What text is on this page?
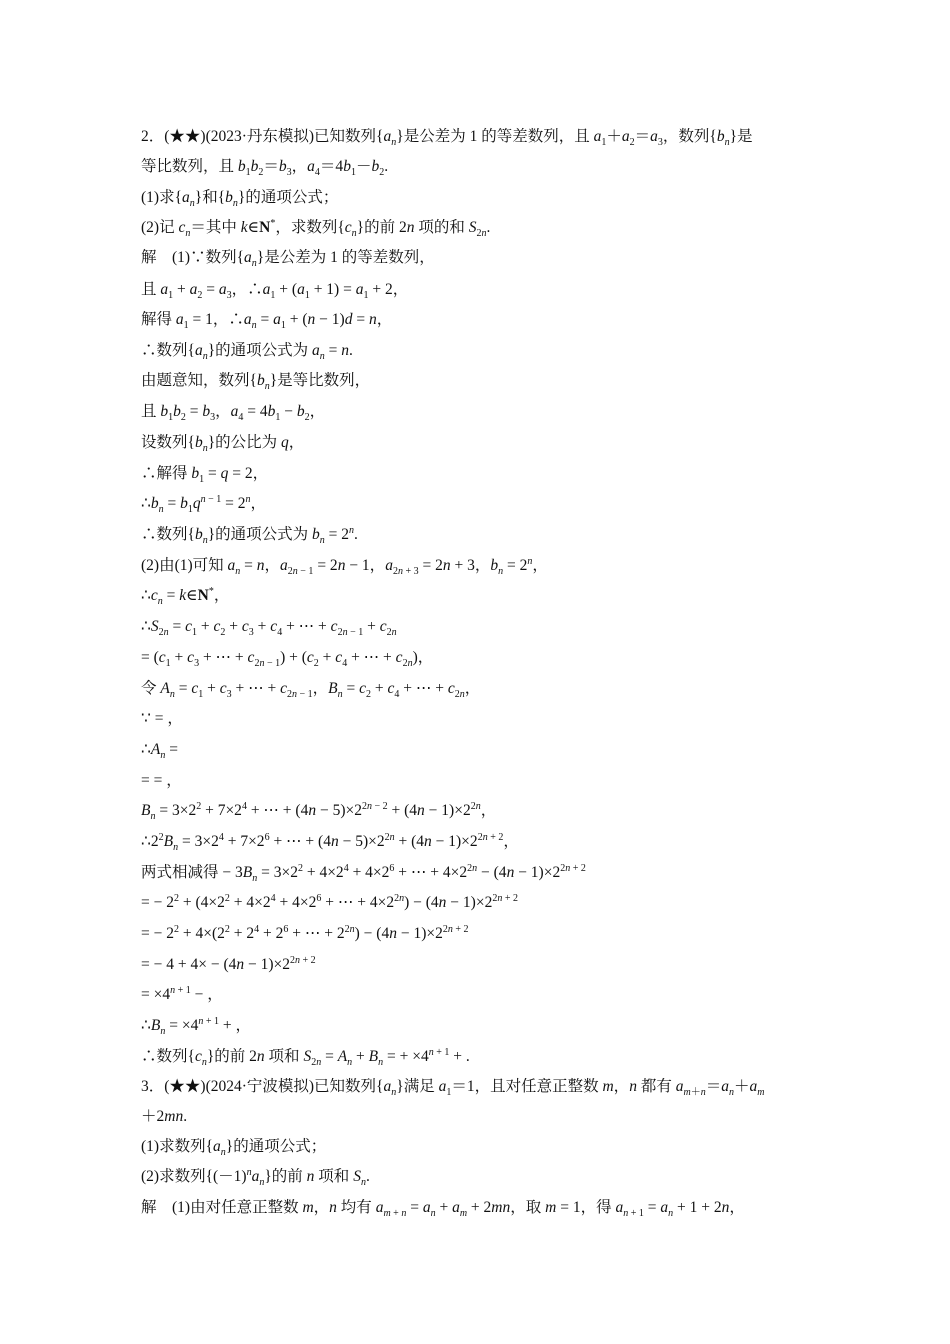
2．(★★)(2023·丹东模拟)已知数列$\{a_n\}$是公差为 1 的等差数列，且 $a_1+a_2=a_3$，数列$\{b_n\}$是
等比数列，且 $b_1b_2=b_3$，$a_4=4b_1-b_2$.
(1)求$\{a_n\}$和$\{b_n\}$的通项公式；
(2)记 $c_n=$其中 k∈N*，求数列$\{c_n\}$的前 2n 项的和 $S_{2n}$.
解　(1)∵数列$\{a_n\}$是公差为 1 的等差数列，
且 $a_1 + a_2 = a_3$，$\therefore a_1 + (a_1 + 1) = a_1 + 2$，
解得 $a_1 = 1$，$\therefore a_n = a_1 + (n - 1)d = n$，
∴数列$\{a_n\}$的通项公式为 $a_n = n$.
由题意知，数列$\{b_n\}$是等比数列，
且 $b_1b_2 = b_3$，$a_4 = 4b_1 - b_2$，
设数列$\{b_n\}$的公比为 q，
∴解得 $b_1 = q = 2$，
$\therefore b_n = b_1q^{n - 1} = 2^n$，
∴数列$\{b_n\}$的通项公式为 $b_n = 2^n$.
(2)由(1)可知 $a_n = n$，$a_{2n - 1} = 2n - 1$，$a_{2n + 3} = 2n + 3$，$b_n = 2^n$，
$\therefore c_n$ = k∈N*，
$\therefore S_{2n} = c_1 + c_2 + c_3 + c_4$ + ⋯ + $c_{2n - 1} + c_{2n}$
= ($c_1 + c_3$ + ⋯ + $c_{2n - 1}) + (c_2 + c_4$ + ⋯ + $c_{2n}$)，
令 $A_n = c_1 + c_3$ + ⋯ + $c_{2n - 1}$，$B_n = c_2 + c_4$ + ⋯ + $c_{2n}$，
∵ = ，
$\therefore A_n$ =
= = ，
$B_n = 3\times 2^2 + 7\times 2^4$ + ⋯ + $(4n - 5)\times 2^{2n - 2} + (4n - 1)\times 2^{2n}$，
$\therefore 2^2B_n = 3\times 2^4 + 7\times 2^6$ + ⋯ + $(4n - 5)\times 2^{2n} + (4n - 1)\times 2^{2n + 2}$，
两式相减得 − $3B_n = 3\times 2^2 + 4\times 2^4 + 4\times 2^6$ + ⋯ + $4\times 2^{2n} - (4n - 1)\times 2^{2n + 2}$
= − $2^2 + (4\times 2^2 + 4\times 2^4 + 4\times 2^6$ + ⋯ + $4\times 2^{2n}) - (4n - 1)\times 2^{2n + 2}$
= − $2^2 + 4\times(2^2 + 2^4 + 2^6$ + ⋯ + $2^{2n}) - (4n - 1)\times 2^{2n + 2}$
= − $4 + 4\times - (4n - 1)\times 2^{2n + 2}$
= $\times 4^{n + 1}$ − ，
$\therefore B_n = \times 4^{n + 1}$ + ，
∴数列$\{c_n\}$的前 2n 项和 $S_{2n} = A_n + B_n$ = + $\times 4^{n + 1}$ + .
3．(★★)(2024·宁波模拟)已知数列$\{a_n\}$满足 $a_1=1$，且对任意正整数 m，n 都有 $a_{m+n}=a_n+a_m$
＋2mn.
(1)求数列$\{a_n\}$的通项公式；
(2)求数列$\{(-1)^na_n\}$的前 n 项和 $S_n$.
解　(1)由对任意正整数 m，n 均有 $a_{m + n} = a_n + a_m + 2mn$，取 m = 1，得 $a_{n + 1} = a_n + 1 + 2n$，
